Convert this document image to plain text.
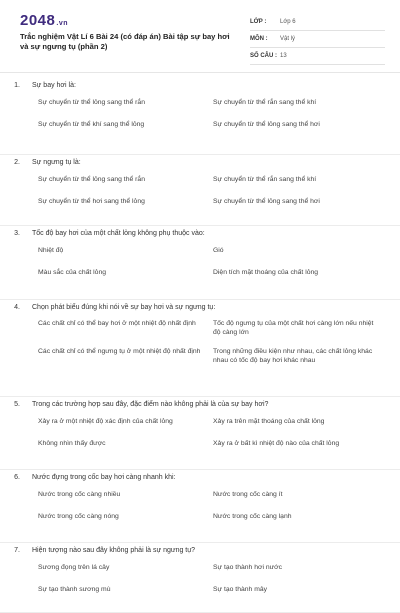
2048.vn
Trắc nghiệm Vật Lí 6 Bài 24 (có đáp án) Bài tập sự bay hơi và sự ngưng tụ (phần 2)
LỚP :	Lớp 6
MÔN :	Vật lý
SỐ CÂU : 13
1. Sự bay hơi là:
Sự chuyển từ thể lỏng sang thể rắn	Sự chuyển từ thể rắn sang thể khí
Sự chuyển từ thể khí sang thể lỏng	Sự chuyển từ thể lỏng sang thể hơi
2. Sự ngưng tụ là:
Sự chuyển từ thể lỏng sang thể rắn	Sự chuyển từ thể rắn sang thể khí
Sự chuyển từ thể hơi sang thể lỏng	Sự chuyển từ thể lỏng sang thể hơi
3. Tốc độ bay hơi của một chất lỏng không phụ thuộc vào:
Nhiệt độ	Gió
Màu sắc của chất lỏng	Diện tích mặt thoáng của chất lỏng
4. Chọn phát biểu đúng khi nói về sự bay hơi và sự ngưng tụ:
Các chất chỉ có thể bay hơi ở một nhiệt độ nhất định	Tốc độ ngưng tụ của một chất hơi càng lớn nếu nhiệt độ càng lớn
Các chất chỉ có thể ngưng tụ ở một nhiệt độ nhất định	Trong những điều kiện như nhau, các chất lỏng khác nhau có tốc độ bay hơi khác nhau
5. Trong các trường hợp sau đây, đặc điểm nào không phải là của sự bay hơi?
Xảy ra ở một nhiệt độ xác định của chất lỏng	Xảy ra trên mặt thoáng của chất lỏng
Không nhìn thấy được	Xảy ra ở bất kì nhiệt độ nào của chất lỏng
6. Nước đựng trong cốc bay hơi càng nhanh khi:
Nước trong cốc càng nhiều	Nước trong cốc càng ít
Nước trong cốc càng nóng	Nước trong cốc càng lạnh
7. Hiện tượng nào sau đây không phải là sự ngưng tụ?
Sương đọng trên lá cây	Sự tạo thành hơi nước
Sự tạo thành sương mù	Sự tạo thành mây
